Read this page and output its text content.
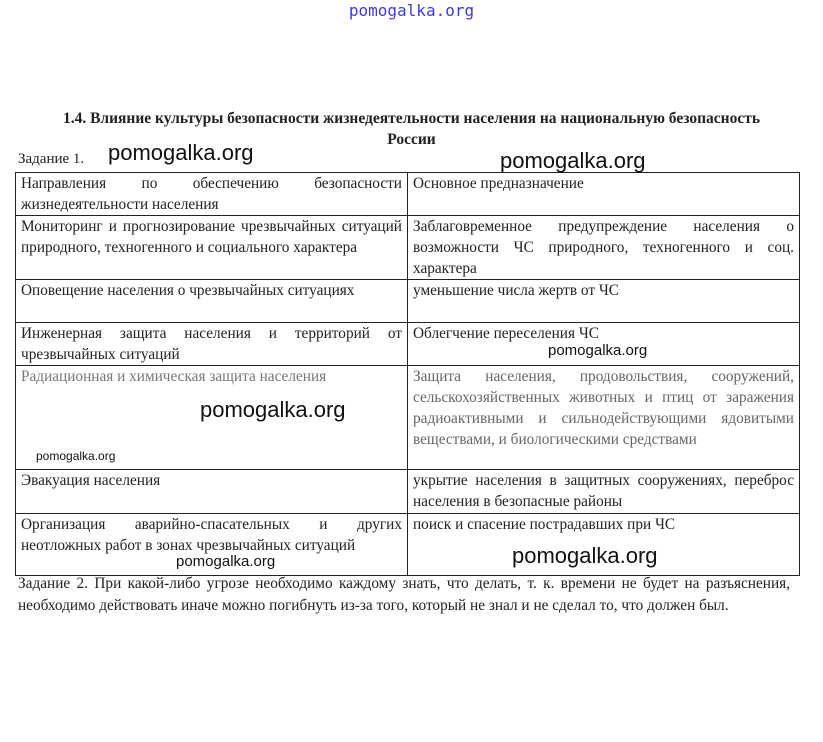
pomogalka.org
1.4. Влияние культуры безопасности жизнедеятельности населения на национальную безопасность России
Задание 1.
Направления по обеспечению безопасности жизнедеятельности населения	Основное предназначение
Мониторинг и прогнозирование чрезвычайных ситуаций природного, техногенного и социального характера	Заблаговременное предупреждение населения о возможности ЧС природного, техногенного и соц. характера
Оповещение населения о чрезвычайных ситуациях	уменьшение числа жертв от ЧС
Инженерная защита населения и территорий от чрезвычайных ситуаций	Облегчение переселения ЧС
Радиационная и химическая защита населения	Защита населения, продовольствия, сооружений, сельскохозяйственных животных и птиц от заражения радиоактивными и сильнодействующими ядовитыми веществами, и биологическими средствами
Эвакуация населения	укрытие населения в защитных сооружениях, переброс населения в безопасные районы
Организация аварийно-спасательных и других неотложных работ в зонах чрезвычайных ситуаций	поиск и спасение пострадавших при ЧС
Задание 2. При какой-либо угрозе необходимо каждому знать, что делать, т. к. времени не будет на разъяснения, необходимо действовать иначе можно погибнуть из-за того, который не знал и не сделал то, что должен был.
pomogalka.org	pomogalka.org
pomogalka.org
pomogalka.org
pomogalka.org
pomogalka.org	pomogalka.org
